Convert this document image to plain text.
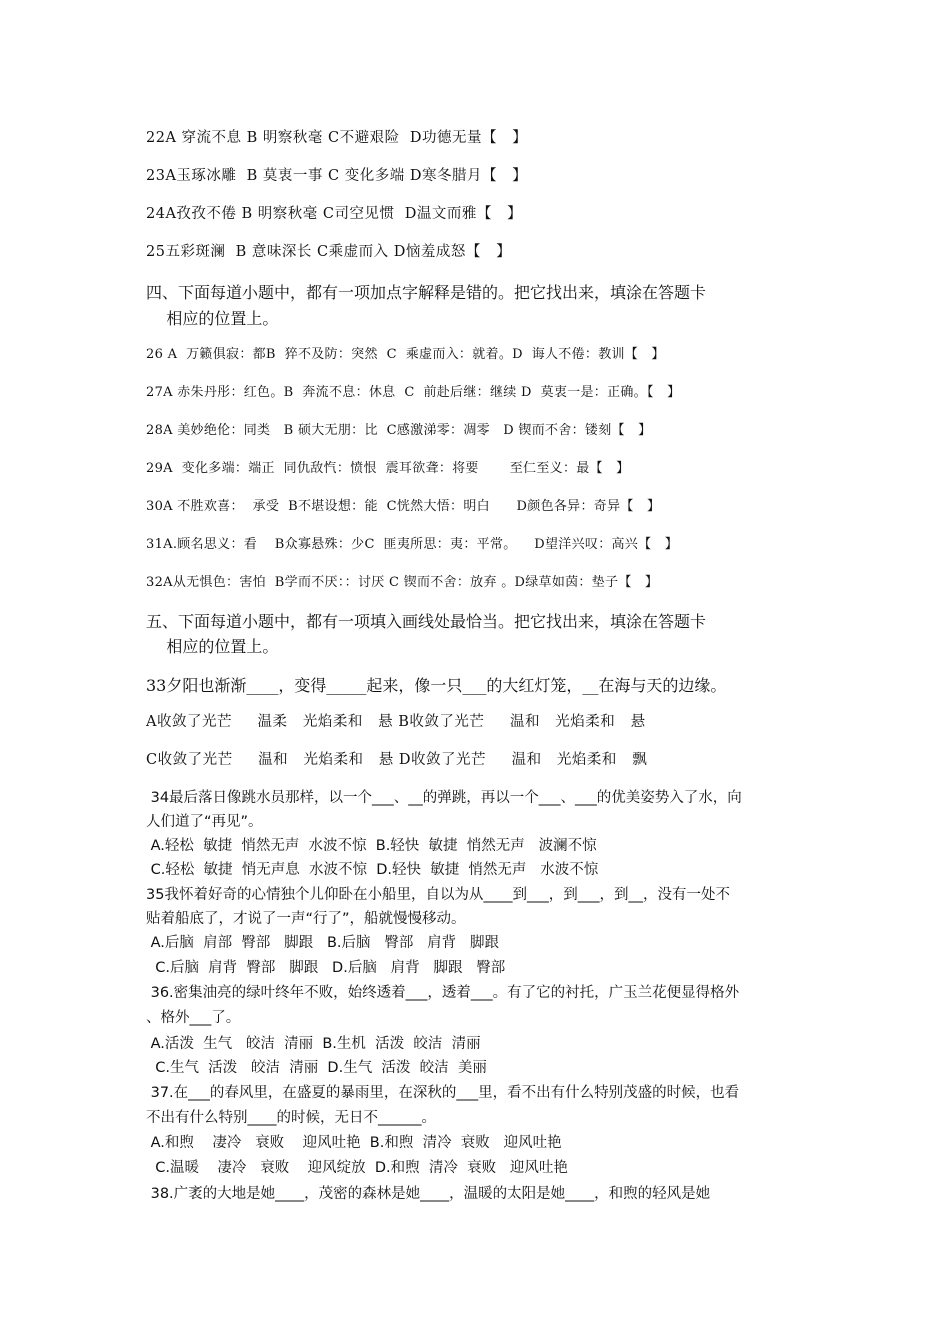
22A 穿流不息 B 明察秋毫 C不避艰险  D功德无量【   】
23A玉琢冰雕  B 莫衷一事 C 变化多端 D寒冬腊月【   】
24A孜孜不倦 B 明察秋毫 C司空见惯  D温文而雅【   】
25五彩斑澜  B 意味深长 C乘虚而入 D恼羞成怒【   】
四、下面每道小题中，都有一项加点字解释是错的。把它找出来，填涂在答题卡
相应的位置上。
26 A  万籁俱寂：都B  猝不及防：突然  C  乘虚而入：就着。D  诲人不倦：教训【   】
27A 赤朱丹彤：红色。B  奔流不息：休息  C  前赴后继：继续 D  莫衷一是：正确。【   】
28A 美妙绝伦：同类   B 硕大无朋：比  C感激涕零：凋零   D 锲而不舍：镂刻【   】
29A  变化多端：端正  同仇敌忾：愤恨  震耳欲聋：将要       至仁至义：最【   】
30A 不胜欢喜：  承受  B不堪设想：能  C恍然大悟：明白      D颜色各异：奇异【   】
31A.顾名思义：看    B众寡悬殊：少C  匪夷所思：夷：平常。    D望洋兴叹：高兴【   】
32A从无惧色：害怕  B学而不厌：：讨厌 C 锲而不舍：放弃 。D绿草如茵：垫子【   】
五、下面每道小题中，都有一项填入画线处最恰当。把它找出来，填涂在答题卡
相应的位置上。
33夕阳也渐渐____，变得_____起来，像一只___的大红灯笼，__在海与天的边缘。
A收敛了光芒     温柔   光焰柔和   悬 B收敛了光芒     温和   光焰柔和   悬
C收敛了光芒     温和   光焰柔和   悬 D收敛了光芒     温和   光焰柔和   飘
34最后落日像跳水员那样，以一个___、__的弹跳，再以一个___、___的优美姿势入了水，向
人们道了“再见”。
A.轻松  敏捷  悄然无声  水波不惊  B.轻快  敏捷  悄然无声   波澜不惊
C.轻松  敏捷  悄无声息  水波不惊  D.轻快  敏捷  悄然无声   水波不惊
35我怀着好奇的心情独个儿仰卧在小船里，自以为从____到___，到___，到__，没有一处不
贴着船底了，才说了一声“行了”，船就慢慢移动。
A.后脑  肩部  臀部   脚跟   B.后脑   臀部   肩背   脚跟
C.后脑  肩背  臀部   脚跟   D.后脑   肩背   脚跟   臀部
36.密集油亮的绿叶终年不败，始终透着___，透着___。有了它的衬托，广玉兰花便显得格外
、格外___了。
A.活泼  生气   皎洁  清丽  B.生机  活泼  皎洁  清丽
C.生气  活泼   皎洁  清丽  D.生气  活泼  皎洁  美丽
37.在___的春风里，在盛夏的暴雨里，在深秋的___里，看不出有什么特别茂盛的时候，也看
不出有什么特别____的时候，无日不______。
A.和煦    凄冷   衰败    迎风吐艳  B.和煦  清冷  衰败   迎风吐艳
C.温暖    凄冷   衰败    迎风绽放  D.和煦  清冷  衰败   迎风吐艳
38.广袤的大地是她____，茂密的森林是她____，温暖的太阳是她____，和煦的轻风是她
